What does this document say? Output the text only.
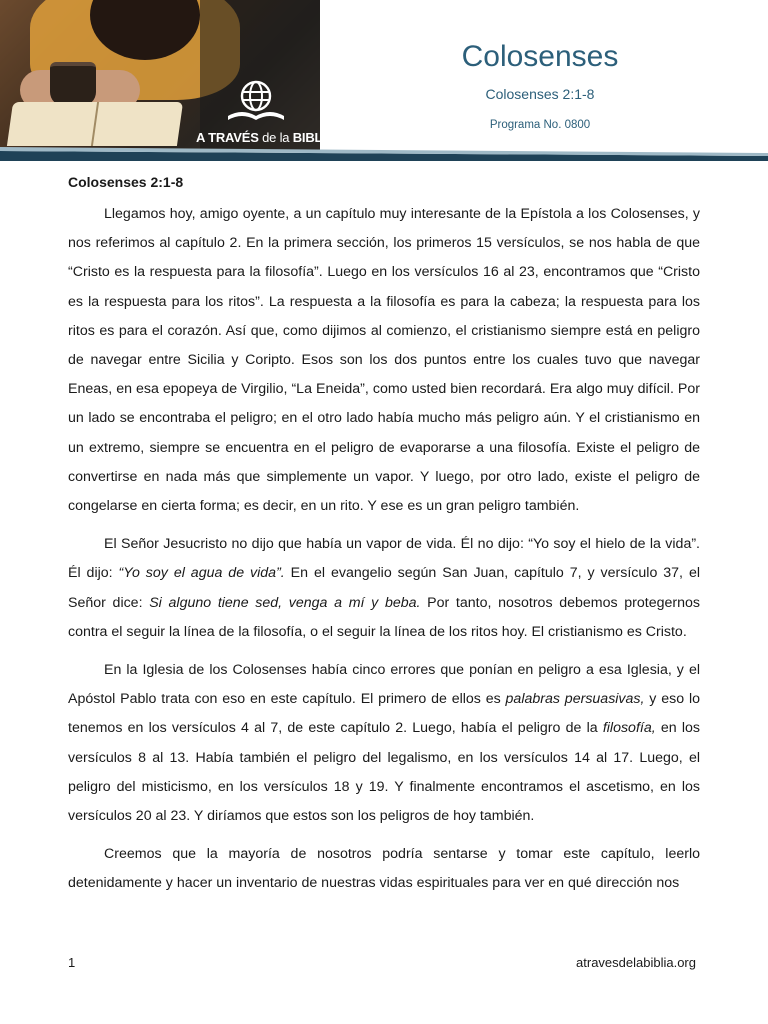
A TRAVÉS de la BIBLIA
Colosenses
Colosenses 2:1-8
Programa No. 0800
Colosenses 2:1-8

Llegamos hoy, amigo oyente, a un capítulo muy interesante de la Epístola a los Colosenses, y nos referimos al capítulo 2. En la primera sección, los primeros 15 versículos, se nos habla de que “Cristo es la respuesta para la filosofía”. Luego en los versículos 16 al 23, encontramos que “Cristo es la respuesta para los ritos”. La respuesta a la filosofía es para la cabeza; la respuesta para los ritos es para el corazón. Así que, como dijimos al comienzo, el cristianismo siempre está en peligro de navegar entre Sicilia y Coripto. Esos son los dos puntos entre los cuales tuvo que navegar Eneas, en esa epopeya de Virgilio, “La Eneida”, como usted bien recordará. Era algo muy difícil. Por un lado se encontraba el peligro; en el otro lado había mucho más peligro aún. Y el cristianismo en un extremo, siempre se encuentra en el peligro de evaporarse a una filosofía. Existe el peligro de convertirse en nada más que simplemente un vapor. Y luego, por otro lado, existe el peligro de congelarse en cierta forma; es decir, en un rito. Y ese es un gran peligro también.

El Señor Jesucristo no dijo que había un vapor de vida. Él no dijo: “Yo soy el hielo de la vida”. Él dijo: “Yo soy el agua de vida”. En el evangelio según San Juan, capítulo 7, y versículo 37, el Señor dice: Si alguno tiene sed, venga a mí y beba. Por tanto, nosotros debemos protegernos contra el seguir la línea de la filosofía, o el seguir la línea de los ritos hoy. El cristianismo es Cristo.

En la Iglesia de los Colosenses había cinco errores que ponían en peligro a esa Iglesia, y el Apóstol Pablo trata con eso en este capítulo. El primero de ellos es palabras persuasivas, y eso lo tenemos en los versículos 4 al 7, de este capítulo 2. Luego, había el peligro de la filosofía, en los versículos 8 al 13. Había también el peligro del legalismo, en los versículos 14 al 17. Luego, el peligro del misticismo, en los versículos 18 y 19. Y finalmente encontramos el ascetismo, en los versículos 20 al 23. Y diríamos que estos son los peligros de hoy también.

Creemos que la mayoría de nosotros podría sentarse y tomar este capítulo, leerlo detenidamente y hacer un inventario de nuestras vidas espirituales para ver en qué dirección nos

1	atravesdelabiblia.org
